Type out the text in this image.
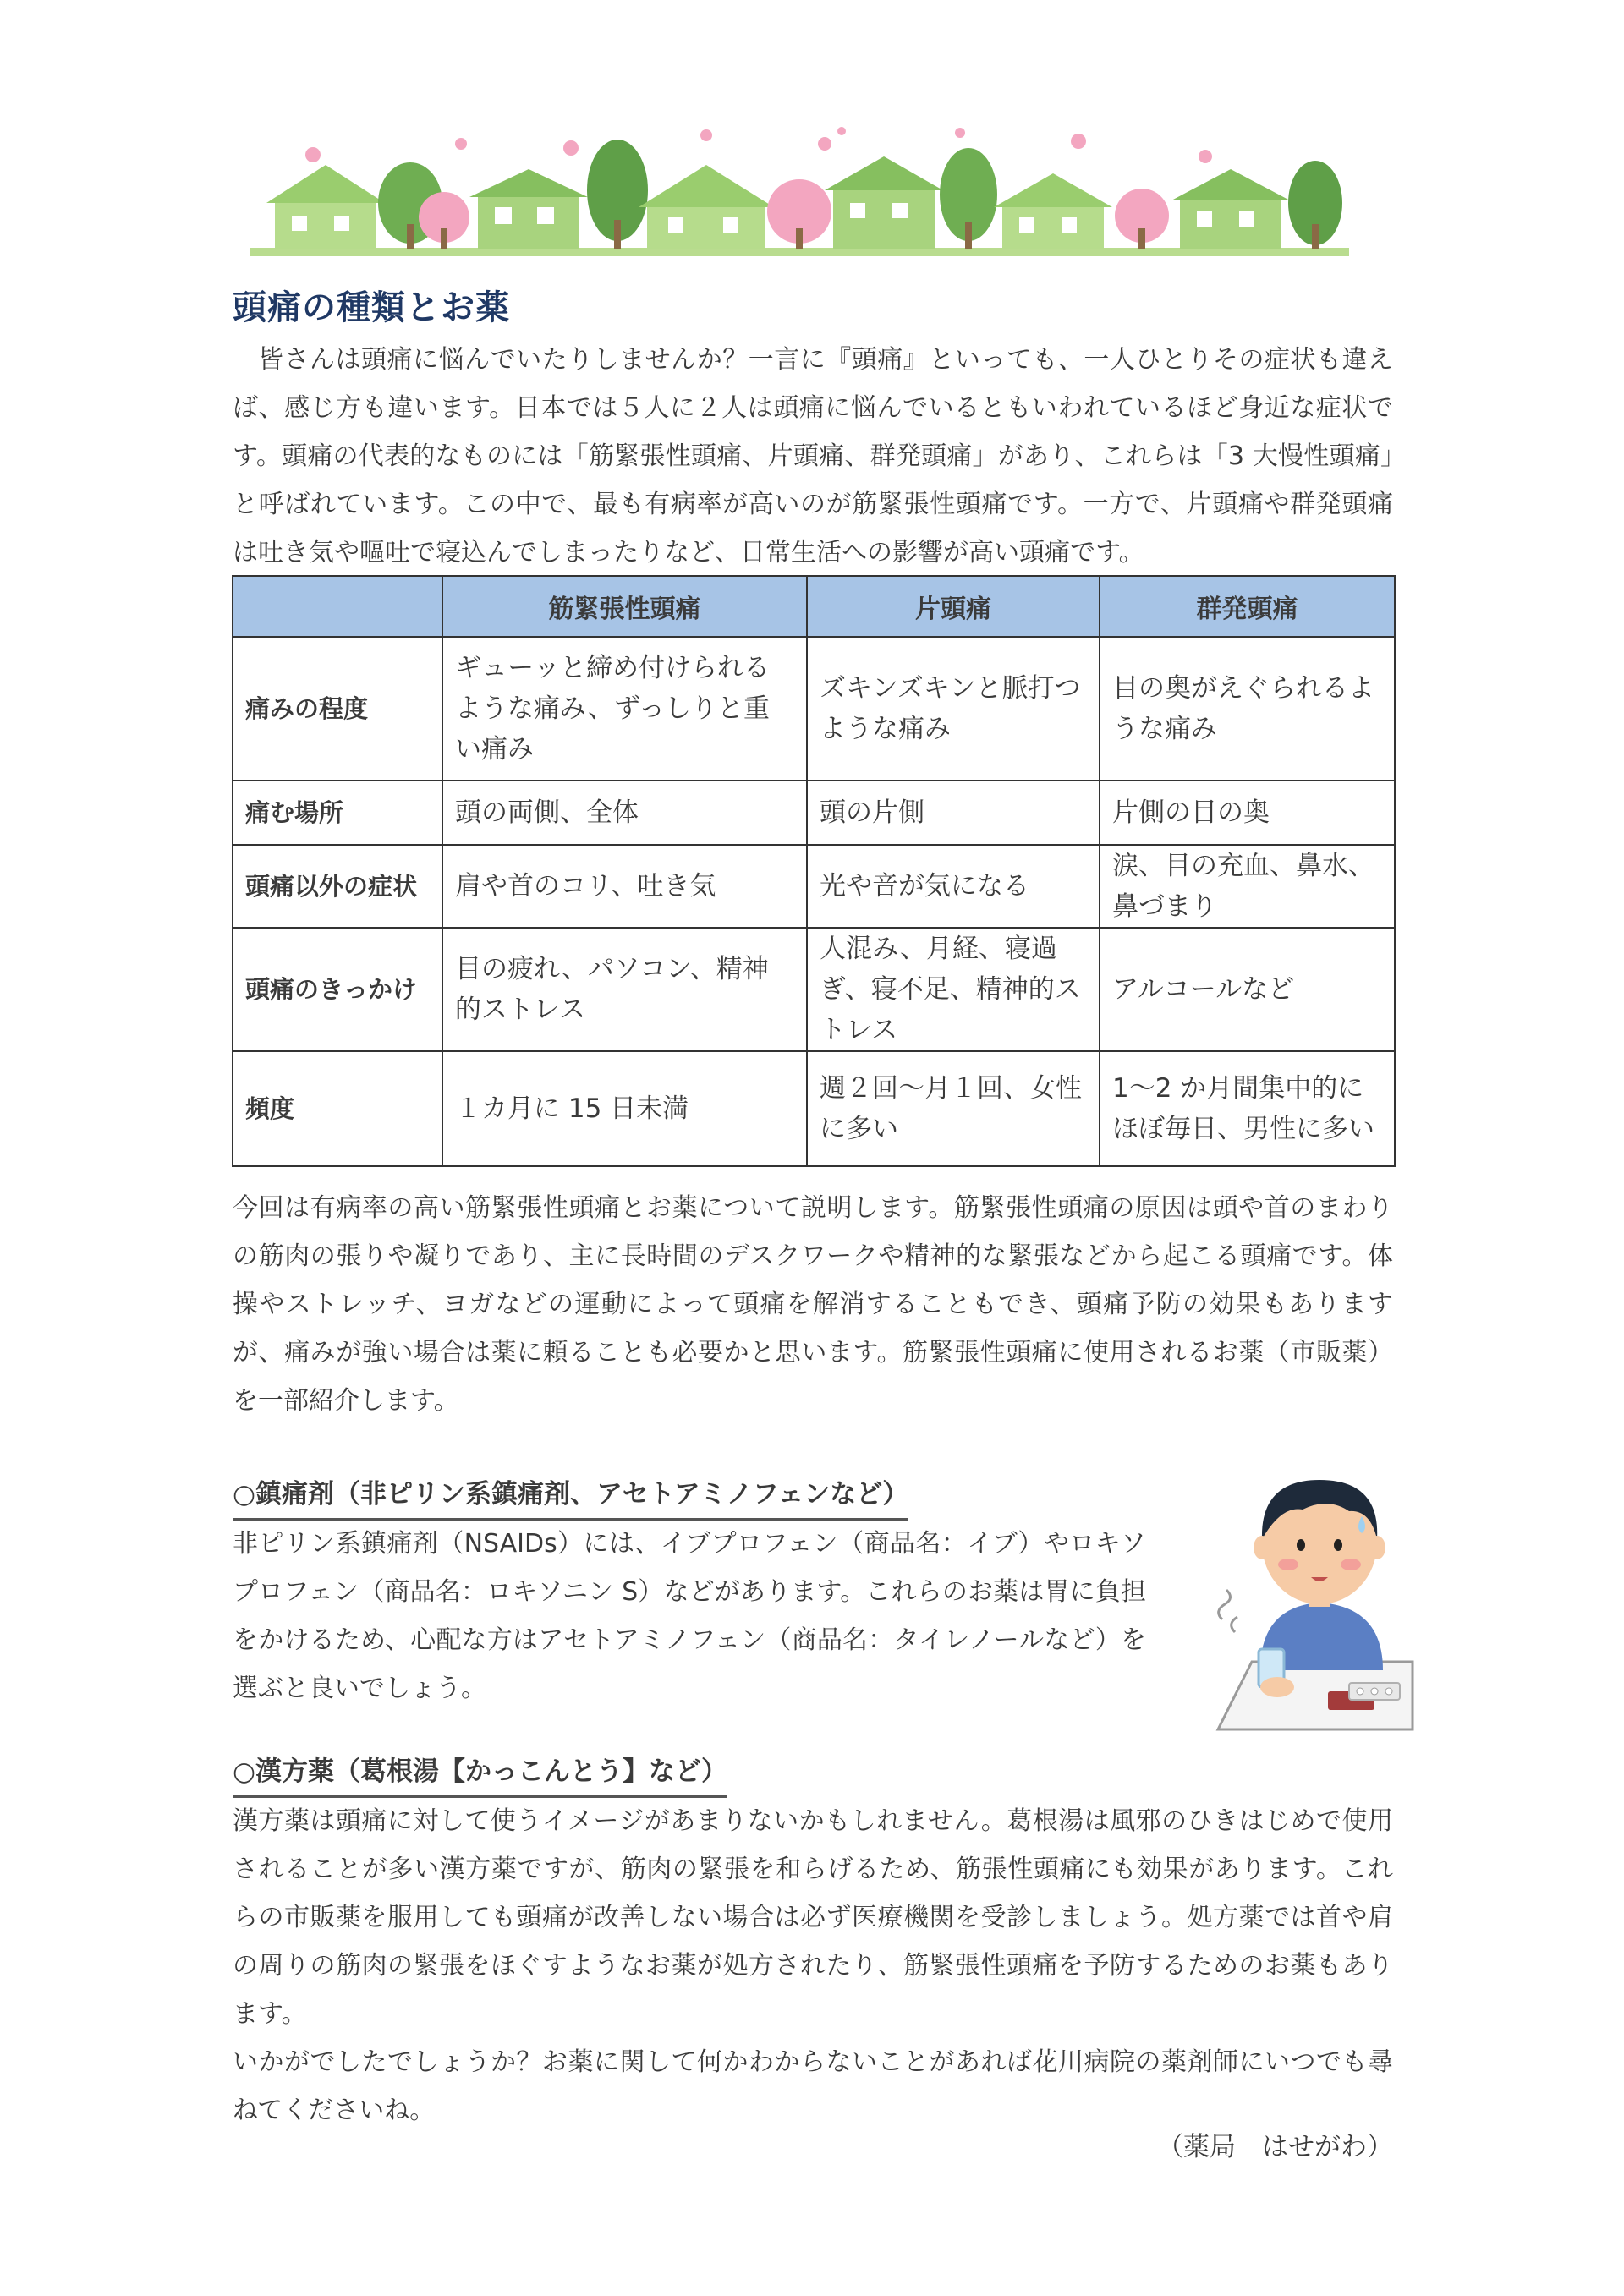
頭痛の種類とお薬

皆さんは頭痛に悩んでいたりしませんか？一言に『頭痛』といっても、一人ひとりその症状も違えば、感じ方も違います。日本では５人に２人は頭痛に悩んでいるともいわれているほど身近な症状です。頭痛の代表的なものには「筋緊張性頭痛、片頭痛、群発頭痛」があり、これらは「3 大慢性頭痛」と呼ばれています。この中で、最も有病率が高いのが筋緊張性頭痛です。一方で、片頭痛や群発頭痛は吐き気や嘔吐で寝込んでしまったりなど、日常生活への影響が高い頭痛です。

	筋緊張性頭痛	片頭痛	群発頭痛
痛みの程度	ギューッと締め付けられるような痛み、ずっしりと重い痛み	ズキンズキンと脈打つような痛み	目の奥がえぐられるような痛み
痛む場所	頭の両側、全体	頭の片側	片側の目の奥
頭痛以外の症状	肩や首のコリ、吐き気	光や音が気になる	涙、目の充血、鼻水、鼻づまり
頭痛のきっかけ	目の疲れ、パソコン、精神的ストレス	人混み、月経、寝過ぎ、寝不足、精神的ストレス	アルコールなど
頻度	１カ月に 15 日未満	週２回～月１回、女性に多い	1～2 か月間集中的にほぼ毎日、男性に多い

今回は有病率の高い筋緊張性頭痛とお薬について説明します。筋緊張性頭痛の原因は頭や首のまわりの筋肉の張りや凝りであり、主に長時間のデスクワークや精神的な緊張などから起こる頭痛です。体操やストレッチ、ヨガなどの運動によって頭痛を解消することもでき、頭痛予防の効果もありますが、痛みが強い場合は薬に頼ることも必要かと思います。筋緊張性頭痛に使用されるお薬（市販薬）を一部紹介します。

○鎮痛剤（非ピリン系鎮痛剤、アセトアミノフェンなど）

非ピリン系鎮痛剤（NSAIDs）には、イブプロフェン（商品名：イブ）やロキソプロフェン（商品名：ロキソニン S）などがあります。これらのお薬は胃に負担をかけるため、心配な方はアセトアミノフェン（商品名：タイレノールなど）を選ぶと良いでしょう。

○漢方薬（葛根湯【かっこんとう】など）

漢方薬は頭痛に対して使うイメージがあまりないかもしれません。葛根湯は風邪のひきはじめで使用されることが多い漢方薬ですが、筋肉の緊張を和らげるため、筋張性頭痛にも効果があります。これらの市販薬を服用しても頭痛が改善しない場合は必ず医療機関を受診しましょう。処方薬では首や肩の周りの筋肉の緊張をほぐすようなお薬が処方されたり、筋緊張性頭痛を予防するためのお薬もあります。
いかがでしたでしょうか？お薬に関して何かわからないことがあれば花川病院の薬剤師にいつでも尋ねてくださいね。

（薬局　はせがわ）
